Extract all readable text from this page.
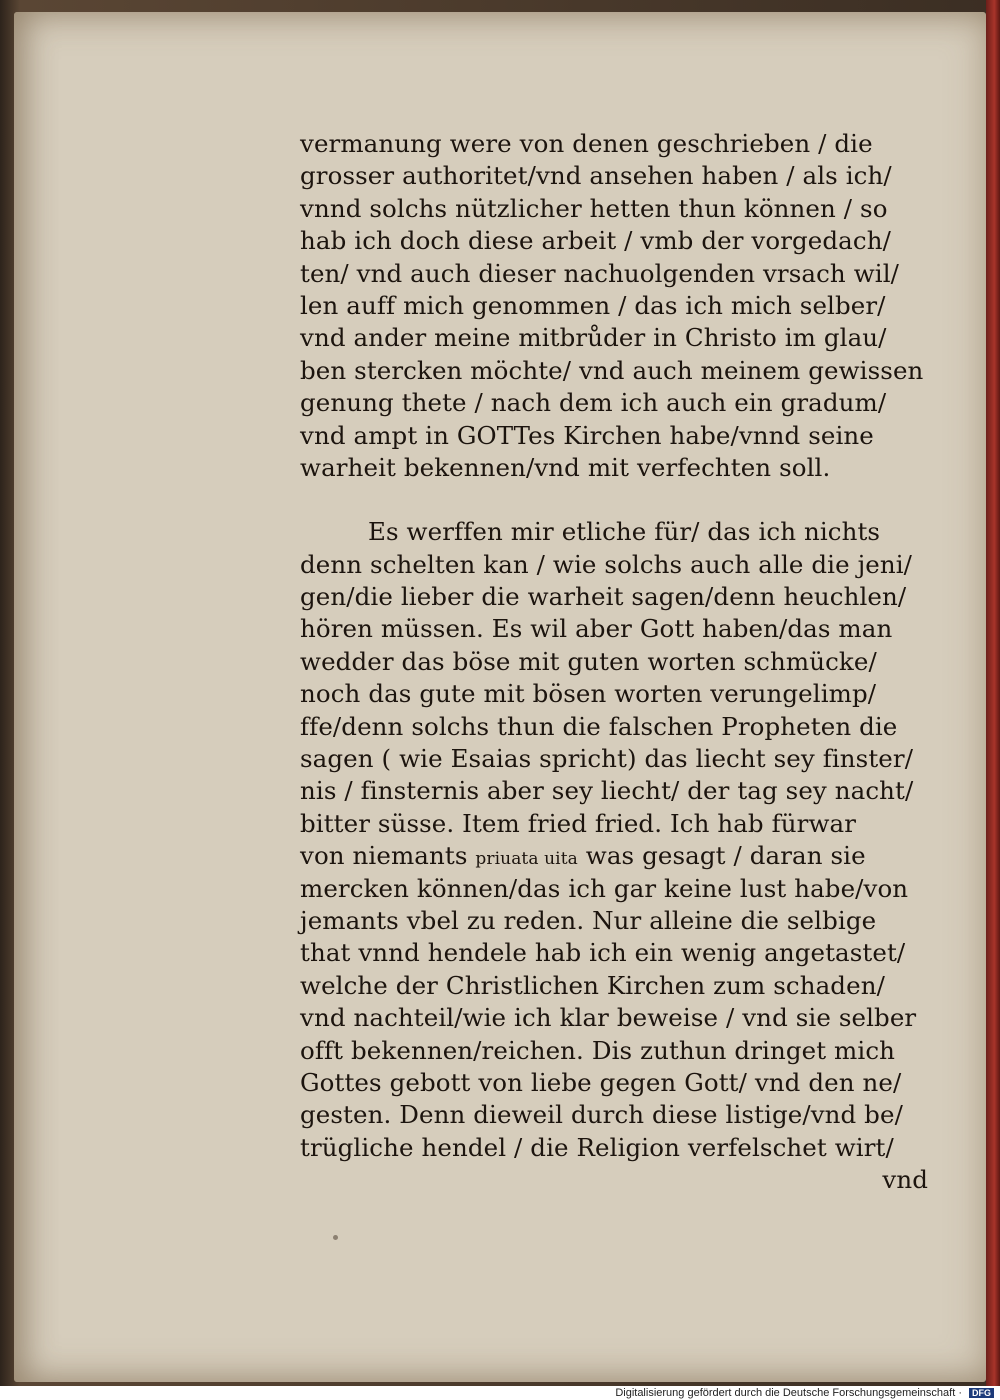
vermanung were von denen geschrieben / die
grosser authoritet/vnd ansehen haben / als ich/
vnnd solchs nützlicher hetten thun können / so
hab ich doch diese arbeit / vmb der vorgedach/
ten/ vnd auch dieser nachuolgenden vrsach wil/
len auff mich genommen / das ich mich selber/
vnd ander meine mitbrůder in Christo im glau/
ben stercken möchte/ vnd auch meinem gewissen
genung thete / nach dem ich auch ein gradum/
vnd ampt in GOTTes Kirchen habe/vnnd seine
warheit bekennen/vnd mit verfechten soll.
Es werffen mir etliche für/ das ich nichts
denn schelten kan / wie solchs auch alle die jeni/
gen/die lieber die warheit sagen/denn heuchlen/
hören müssen. Es wil aber Gott haben/das man
wedder das böse mit guten worten schmücke/
noch das gute mit bösen worten verungelimp/
ffe/denn solchs thun die falschen Propheten die
sagen ( wie Esaias spricht) das liecht sey finster/
nis / finsternis aber sey liecht/ der tag sey nacht/
bitter süsse. Item fried fried. Ich hab fürwar
von niemants priuata uita was gesagt / daran sie
mercken können/das ich gar keine lust habe/von
jemants vbel zu reden. Nur alleine die selbige
that vnnd hendele hab ich ein wenig angetastet/
welche der Christlichen Kirchen zum schaden/
vnd nachteil/wie ich klar beweise / vnd sie selber
offt bekennen/reichen. Dis zuthun dringet mich
Gottes gebott von liebe gegen Gott/ vnd den ne/
gesten. Denn dieweil durch diese listige/vnd be/
trügliche hendel / die Religion verfelschet wirt/
vnd
Digitalisierung gefördert durch die Deutsche Forschungsgemeinschaft ·	DFG
